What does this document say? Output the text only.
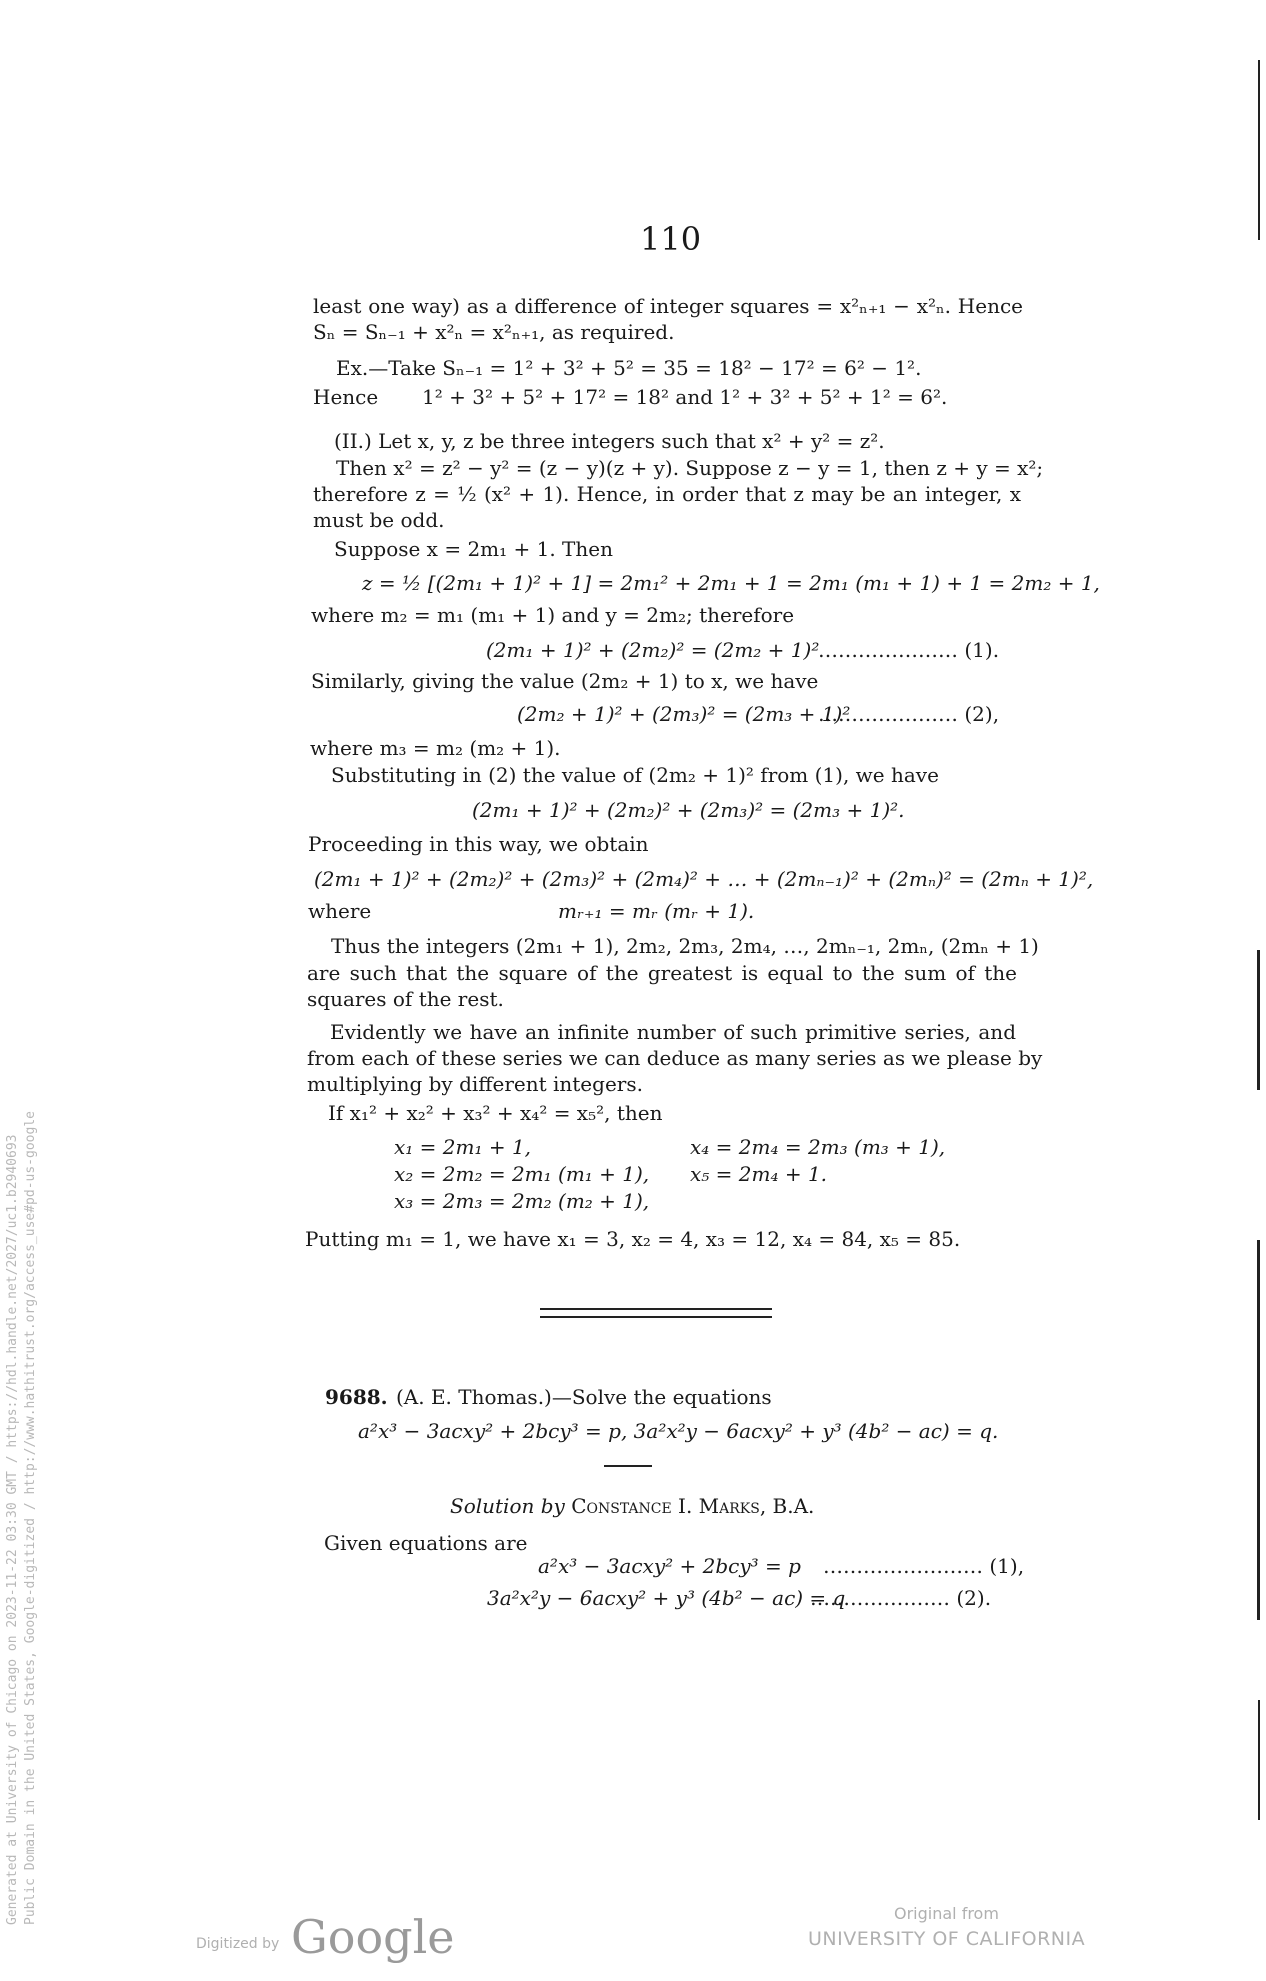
110
least one way) as a difference of integer squares = x²ₙ₊₁ − x²ₙ. Hence
Sₙ = Sₙ₋₁ + x²ₙ = x²ₙ₊₁, as required.
Ex.—Take Sₙ₋₁ = 1² + 3² + 5² = 35 = 18² − 17² = 6² − 1².
Hence 1² + 3² + 5² + 17² = 18² and 1² + 3² + 5² + 1² = 6².
(II.) Let x, y, z be three integers such that x² + y² = z².
Then x² = z² − y² = (z − y)(z + y). Suppose z − y = 1, then z + y = x²;
therefore z = ½ (x² + 1). Hence, in order that z may be an integer, x
must be odd.
Suppose x = 2m₁ + 1. Then
z = ½ [(2m₁ + 1)² + 1] = 2m₁² + 2m₁ + 1 = 2m₁ (m₁ + 1) + 1 = 2m₂ + 1,
where m₂ = m₁ (m₁ + 1) and y = 2m₂; therefore
(2m₁ + 1)² + (2m₂)² = (2m₂ + 1)²
………………… (1).
Similarly, giving the value (2m₂ + 1) to x, we have
(2m₂ + 1)² + (2m₃)² = (2m₃ + 1)²
………………… (2),
where m₃ = m₂ (m₂ + 1).
Substituting in (2) the value of (2m₂ + 1)² from (1), we have
(2m₁ + 1)² + (2m₂)² + (2m₃)² = (2m₃ + 1)².
Proceeding in this way, we obtain
(2m₁ + 1)² + (2m₂)² + (2m₃)² + (2m₄)² + … + (2mₙ₋₁)² + (2mₙ)² = (2mₙ + 1)²,
where	mᵣ₊₁ = mᵣ (mᵣ + 1).
Thus the integers (2m₁ + 1), 2m₂, 2m₃, 2m₄, …, 2mₙ₋₁, 2mₙ, (2mₙ + 1)
are such that the square of the greatest is equal to the sum of the
squares of the rest.
Evidently we have an infinite number of such primitive series, and
from each of these series we can deduce as many series as we please by
multiplying by different integers.
If x₁² + x₂² + x₃² + x₄² = x₅², then
x₁ = 2m₁ + 1,
x₂ = 2m₂ = 2m₁ (m₁ + 1),
x₃ = 2m₃ = 2m₂ (m₂ + 1),
x₄ = 2m₄ = 2m₃ (m₃ + 1),
x₅ = 2m₄ + 1.
Putting m₁ = 1, we have x₁ = 3, x₂ = 4, x₃ = 12, x₄ = 84, x₅ = 85.
9688. (A. E. Thomas.)—Solve the equations
a²x³ − 3acxy² + 2bcy³ = p, 3a²x²y − 6acxy² + y³ (4b² − ac) = q.
Solution by Constance I. Marks, B.A.
Given equations are
a²x³ − 3acxy² + 2bcy³ = p …………………… (1),
3a²x²y − 6acxy² + y³ (4b² − ac) = q
………………… (2).
Generated at University of Chicago on 2023-11-22 03:30 GMT / https://hdl.handle.net/2027/uc1.b2940693 Public Domain in the United States, Google-digitized / http://www.hathitrust.org/access_use#pd-us-google
Digitized by Google	Original from
UNIVERSITY OF CALIFORNIA
